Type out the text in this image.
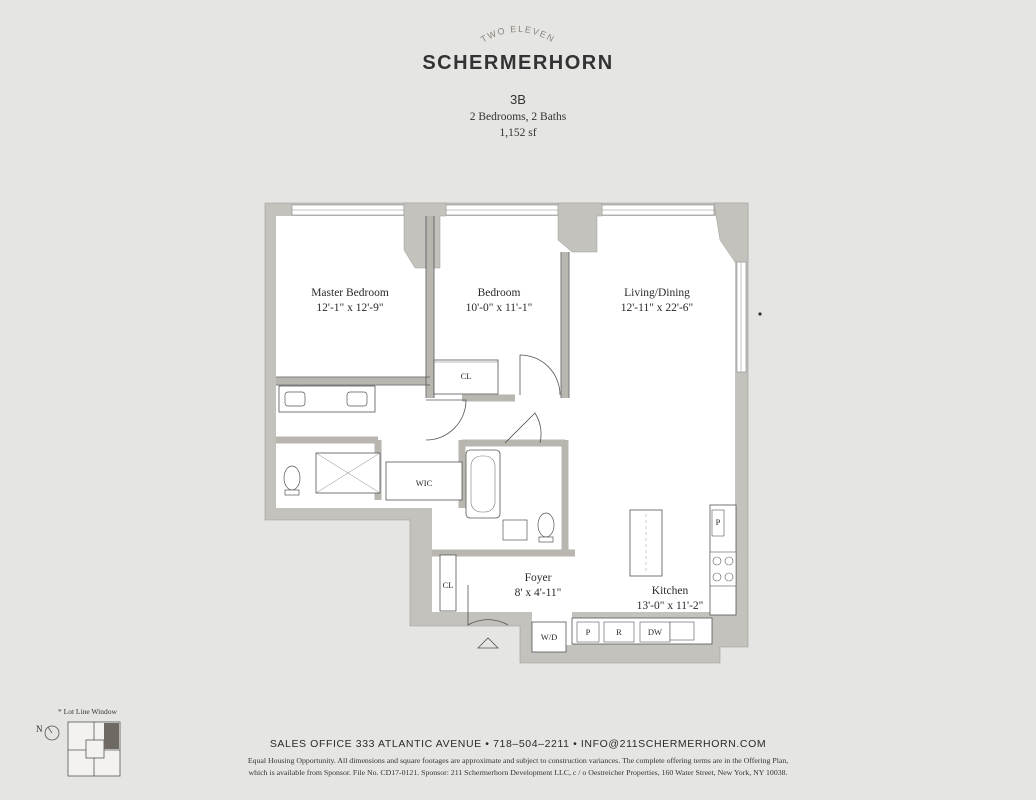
TWO ELEVEN
SCHERMERHORN
3B
2 Bedrooms, 2 Baths
1,152 sf
Master Bedroom
12'-1" x 12'-9"
Bedroom
10'-0" x 11'-1"
Living/Dining
12'-11" x 22'-6"
Foyer
8' x 4'-11"	Kitchen
13'-0" x 11'-2"
CL
CL
WIC
W/D	P	R	DW
P
* Lot Line Window
N
SALES OFFICE 333 ATLANTIC AVENUE • 718–504–2211 • INFO@211SCHERMERHORN.COM
Equal Housing Opportunity. All dimensions and square footages are approximate and subject to construction variances. The complete offering terms are in the Offering Plan,
which is available from Sponsor. File No. CD17-0121. Sponsor: 211 Schermerhorn Development LLC, c / o Oestreicher Properties, 160 Water Street, New York, NY 10038.
